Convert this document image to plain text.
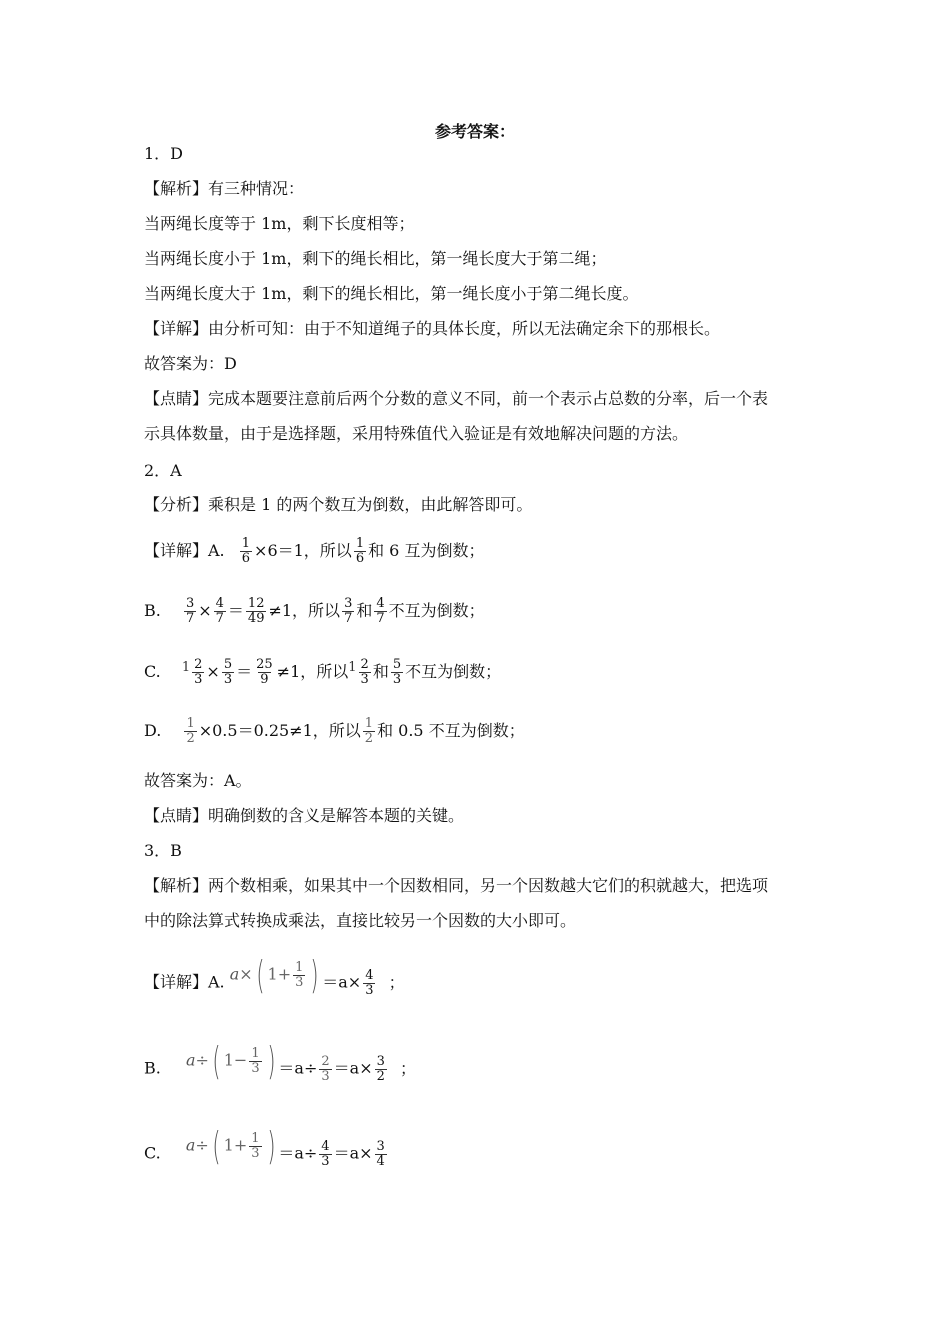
参考答案：
1．D
【解析】有三种情况：
当两绳长度等于 1m，剩下长度相等；
当两绳长度小于 1m，剩下的绳长相比，第一绳长度大于第二绳；
当两绳长度大于 1m，剩下的绳长相比，第一绳长度小于第二绳长度。
【详解】由分析可知：由于不知道绳子的具体长度，所以无法确定余下的那根长。
故答案为：D
【点睛】完成本题要注意前后两个分数的意义不同，前一个表示占总数的分率，后一个表
示具体数量，由于是选择题，采用特殊值代入验证是有效地解决问题的方法。
2．A
【分析】乘积是 1 的两个数互为倒数，由此解答即可。
【详解】A. $\frac{1}{6} \times 6=1$，所以 $\frac{1}{6}$ 和 6 互为倒数；
B. $\frac{3}{7} \times \frac{4}{7} = \frac{12}{49} \ne 1$，所以 $\frac{3}{7}$ 和 $\frac{4}{7}$ 不互为倒数；
C. $^1 \frac{2}{3} \times \frac{5}{3} = \frac{25}{9} \ne 1$，所以$^1 \frac{2}{3}$ 和 $\frac{5}{3}$ 不互为倒数；
D. $\frac{1}{2} \times 0.5=0.25\ne 1$，所以 $\frac{1}{2}$ 和 0.5 不互为倒数；
故答案为：A。
【点睛】明确倒数的含义是解答本题的关键。
3．B
【解析】两个数相乘，如果其中一个因数相同，另一个因数越大它们的积就越大，把选项
中的除法算式转换成乘法，直接比较另一个因数的大小即可。
【详解】A. a×( $1+ \frac{1}{3}$ ) $=a\times \frac{4}{3}$ ；
B. a÷( $1- \frac{1}{3}$ ) $=a\div \frac{2}{3} =a\times \frac{3}{2}$ ；
C. a÷( $1+ \frac{1}{3}$ ) $=a\div \frac{4}{3} =a\times \frac{3}{4}$
